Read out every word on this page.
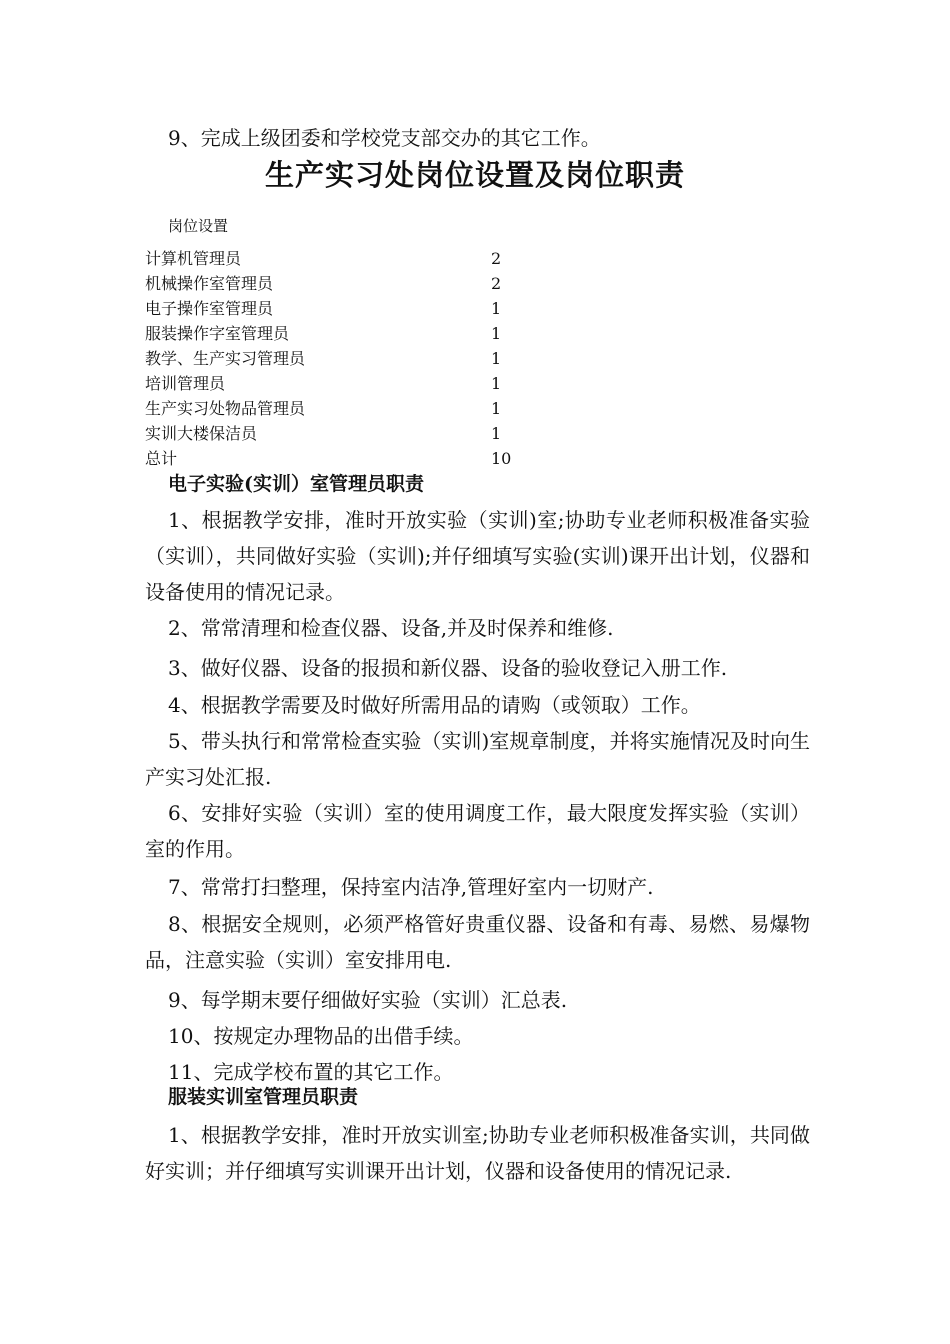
9、完成上级团委和学校党支部交办的其它工作。
生产实习处岗位设置及岗位职责
岗位设置
计算机管理员	2
机械操作室管理员	2
电子操作室管理员	1
服装操作字室管理员	1
教学、生产实习管理员	1
培训管理员	1
生产实习处物品管理员	1
实训大楼保洁员	1
总计	10
电子实验(实训）室管理员职责
1、根据教学安排，准时开放实验（实训)室;协助专业老师积极准备实验（实训），共同做好实验（实训);并仔细填写实验(实训)课开出计划，仪器和设备使用的情况记录。
2、常常清理和检查仪器、设备,并及时保养和维修.
3、做好仪器、设备的报损和新仪器、设备的验收登记入册工作.
4、根据教学需要及时做好所需用品的请购（或领取）工作。
5、带头执行和常常检查实验（实训)室规章制度，并将实施情况及时向生产实习处汇报.
6、安排好实验（实训）室的使用调度工作，最大限度发挥实验（实训）室的作用。
7、常常打扫整理，保持室内洁净,管理好室内一切财产.
8、根据安全规则，必须严格管好贵重仪器、设备和有毒、易燃、易爆物品，注意实验（实训）室安排用电.
9、每学期末要仔细做好实验（实训）汇总表.
10、按规定办理物品的出借手续。
11、完成学校布置的其它工作。
服装实训室管理员职责
1、根据教学安排，准时开放实训室;协助专业老师积极准备实训，共同做好实训；并仔细填写实训课开出计划，仪器和设备使用的情况记录.
